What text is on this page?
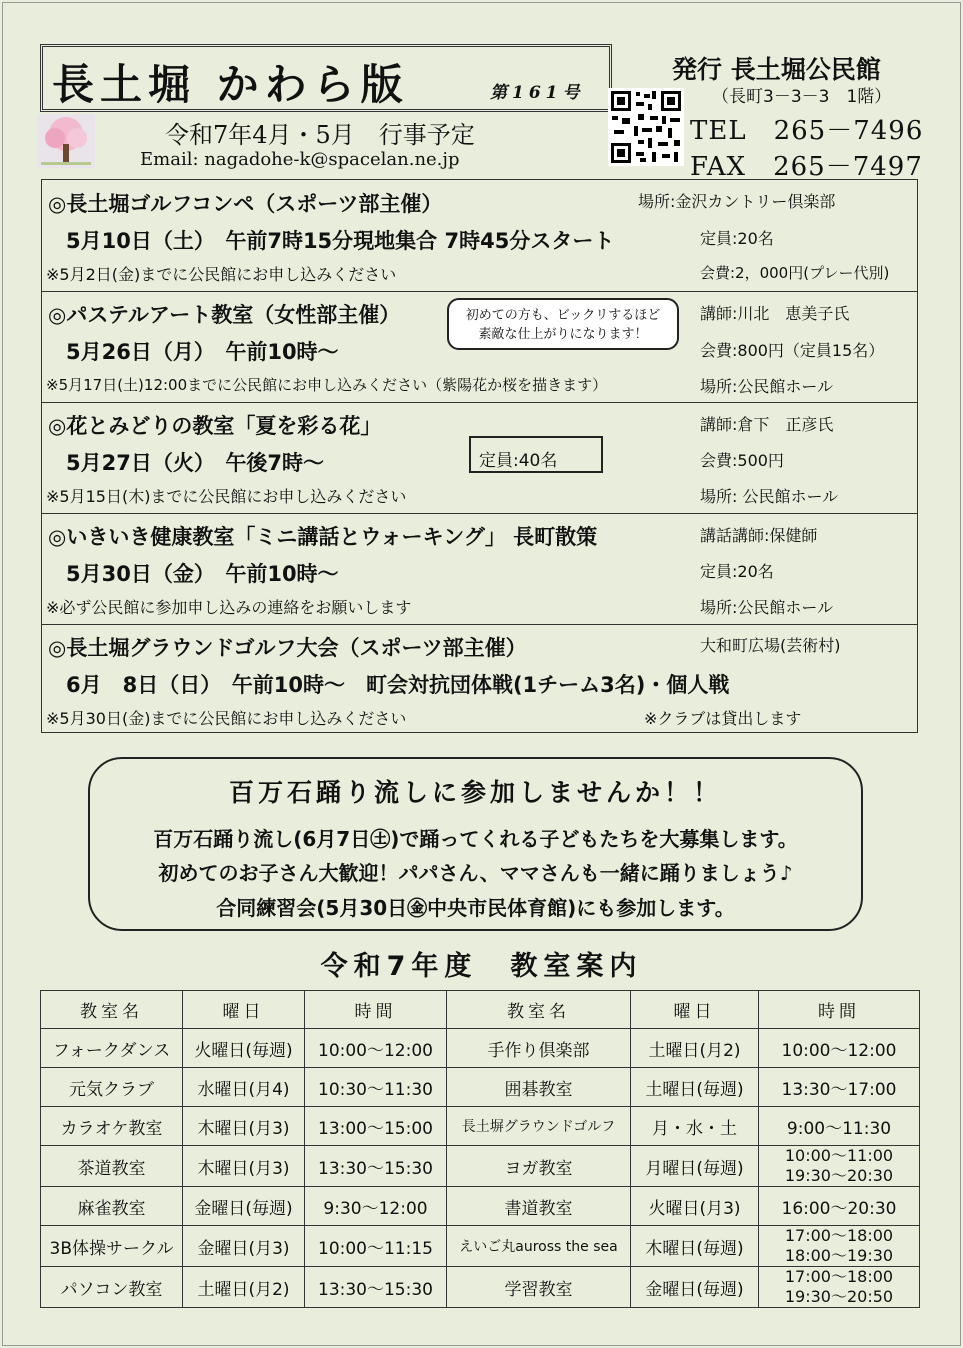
長土堀 かわら版	第161号
令和7年4月・5月　行事予定
Email: nagadohe-k@spacelan.ne.jp
発行 長土堀公民館
（長町3－3－3　1階）
TEL　265－7496
FAX　265－7497
◎長土堀ゴルフコンペ（スポーツ部主催）
5月10日（土）　午前7時15分現地集合 7時45分スタート
※5月2日(金)までに公民館にお申し込みください
場所:金沢カントリー倶楽部
定員:20名
会費:2，000円(プレー代別)
◎パステルアート教室（女性部主催）
5月26日（月）　午前10時～
※5月17日(土)12:00までに公民館にお申し込みください（紫陽花か桜を描きます）
講師:川北　恵美子氏
会費:800円（定員15名）
場所:公民館ホール
◎花とみどりの教室「夏を彩る花」
5月27日（火）　午後7時～
※5月15日(木)までに公民館にお申し込みください
講師:倉下　正彦氏
会費:500円
場所: 公民館ホール
◎いきいき健康教室「ミニ講話とウォーキング」 長町散策
5月30日（金）　午前10時～
※必ず公民館に参加申し込みの連絡をお願いします
講話講師:保健師
定員:20名
場所:公民館ホール
◎長土堀グラウンドゴルフ大会（スポーツ部主催）
6月　8日（日）　午前10時～　町会対抗団体戦(1チーム3名)・個人戦
※5月30日(金)までに公民館にお申し込みください
大和町広場(芸術村)
※クラブは貸出します
初めての方も、ビックリするほど
素敵な仕上がりになります！
定員:40名
百万石踊り流しに参加しませんか！！
百万石踊り流し(6月7日㊏)で踊ってくれる子どもたちを大募集します。
初めてのお子さん大歓迎！パパさん、ママさんも一緒に踊りましょう♪
合同練習会(5月30日㊎中央市民体育館)にも参加します。
令和7年度　教室案内
教室名	曜日	時間	教室名	曜日	時間
フォークダンス	火曜日(毎週)	10:00～12:00	手作り倶楽部	土曜日(月2)	10:00～12:00
元気クラブ	水曜日(月4)	10:30～11:30	囲碁教室	土曜日(毎週)	13:30～17:00
カラオケ教室	木曜日(月3)	13:00～15:00	長土塀グラウンドゴルフ	月・水・土	9:00～11:30
茶道教室	木曜日(月3)	13:30～15:30	ヨガ教室	月曜日(毎週)	10:00～11:00
19:30～20:30

麻雀教室	金曜日(毎週)	9:30～12:00	書道教室	火曜日(月3)	16:00～20:30
3B体操サークル	金曜日(月3)	10:00～11:15	えいご丸auross the sea	木曜日(毎週)	17:00～18:00
18:00～19:30

パソコン教室	土曜日(月2)	13:30～15:30	学習教室	金曜日(毎週)	17:00～18:00
19:30～20:50
